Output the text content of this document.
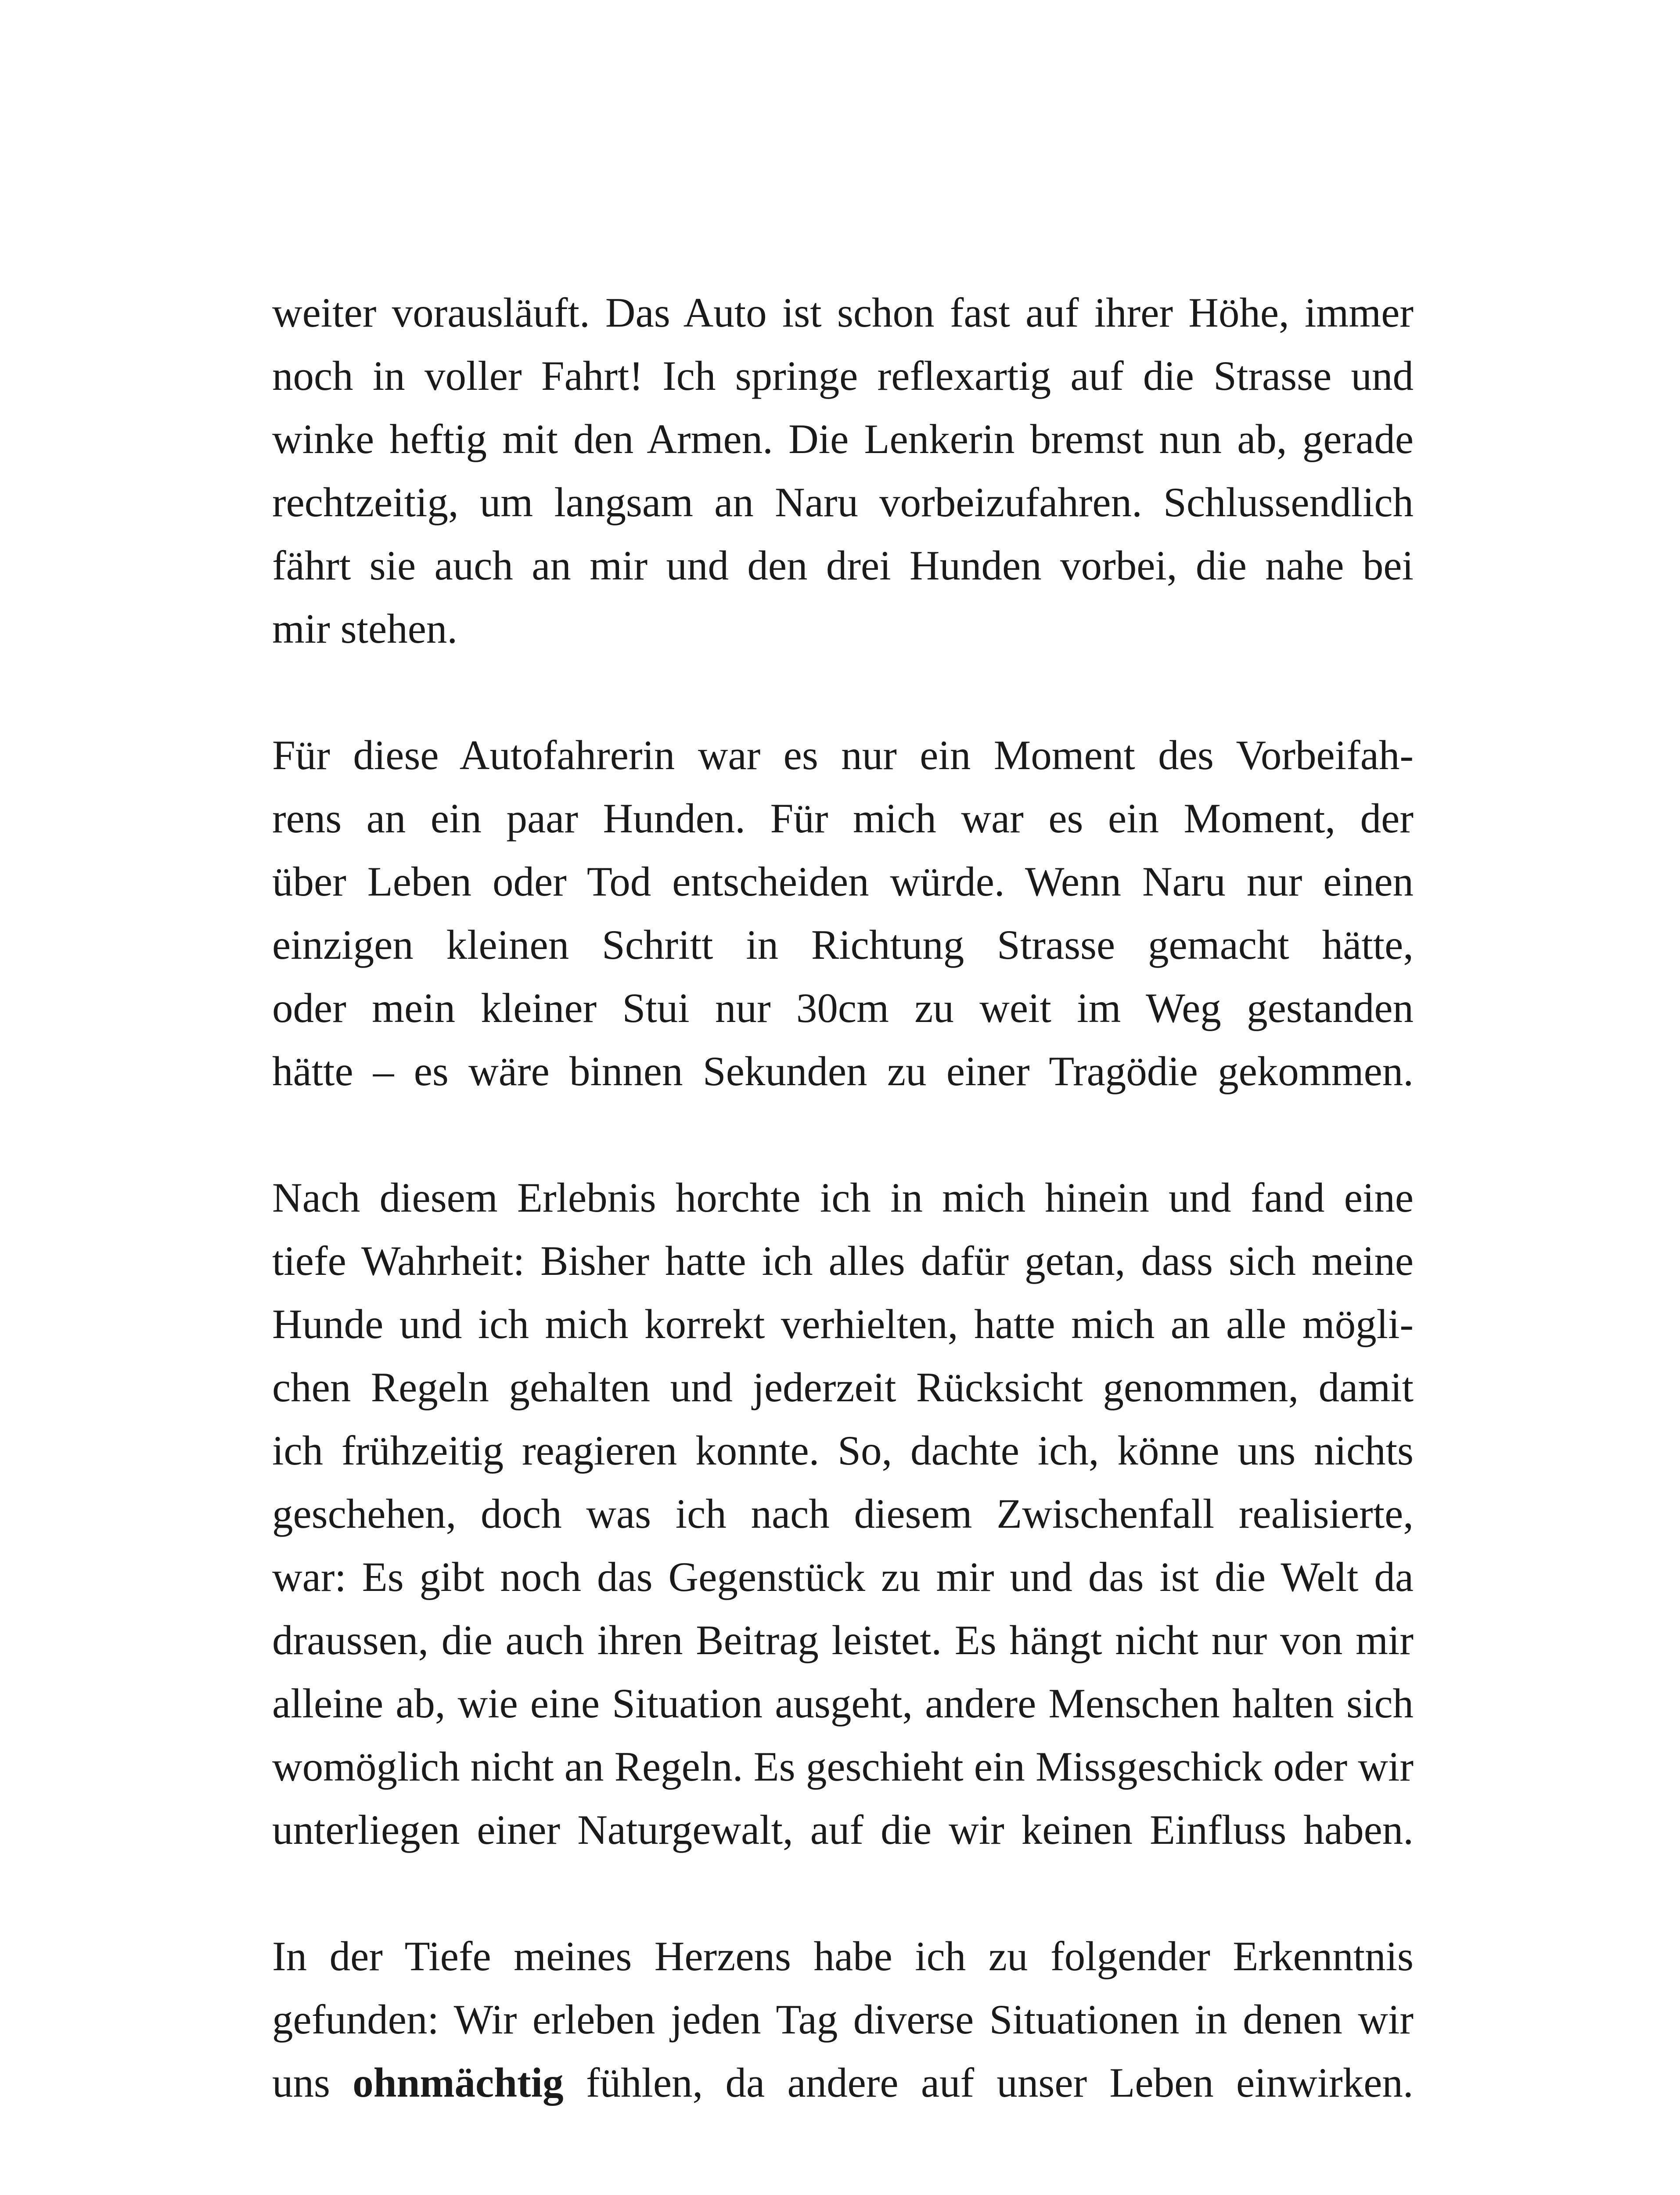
weiter vorausläuft. Das Auto ist schon fast auf ihrer Höhe, immer
noch in voller Fahrt! Ich springe reflexartig auf die Strasse und
winke heftig mit den Armen. Die Lenkerin bremst nun ab, gerade
rechtzeitig, um langsam an Naru vorbeizufahren. Schlussendlich
fährt sie auch an mir und den drei Hunden vorbei, die nahe bei
mir stehen.
Für diese Autofahrerin war es nur ein Moment des Vorbeifah-
rens an ein paar Hunden. Für mich war es ein Moment, der
über Leben oder Tod entscheiden würde. Wenn Naru nur einen
einzigen kleinen Schritt in Richtung Strasse gemacht hätte,
oder mein kleiner Stui nur 30cm zu weit im Weg gestanden
hätte – es wäre binnen Sekunden zu einer Tragödie gekommen.
Nach diesem Erlebnis horchte ich in mich hinein und fand eine
tiefe Wahrheit: Bisher hatte ich alles dafür getan, dass sich meine
Hunde und ich mich korrekt verhielten, hatte mich an alle mögli-
chen Regeln gehalten und jederzeit Rücksicht genommen, damit
ich frühzeitig reagieren konnte. So, dachte ich, könne uns nichts
geschehen, doch was ich nach diesem Zwischenfall realisierte,
war: Es gibt noch das Gegenstück zu mir und das ist die Welt da
draussen, die auch ihren Beitrag leistet. Es hängt nicht nur von mir
alleine ab, wie eine Situation ausgeht, andere Menschen halten sich
womöglich nicht an Regeln. Es geschieht ein Missgeschick oder wir
unterliegen einer Naturgewalt, auf die wir keinen Einfluss haben.
In der Tiefe meines Herzens habe ich zu folgender Erkenntnis
gefunden: Wir erleben jeden Tag diverse Situationen in denen wir
uns ohnmächtig fühlen, da andere auf unser Leben einwirken.
